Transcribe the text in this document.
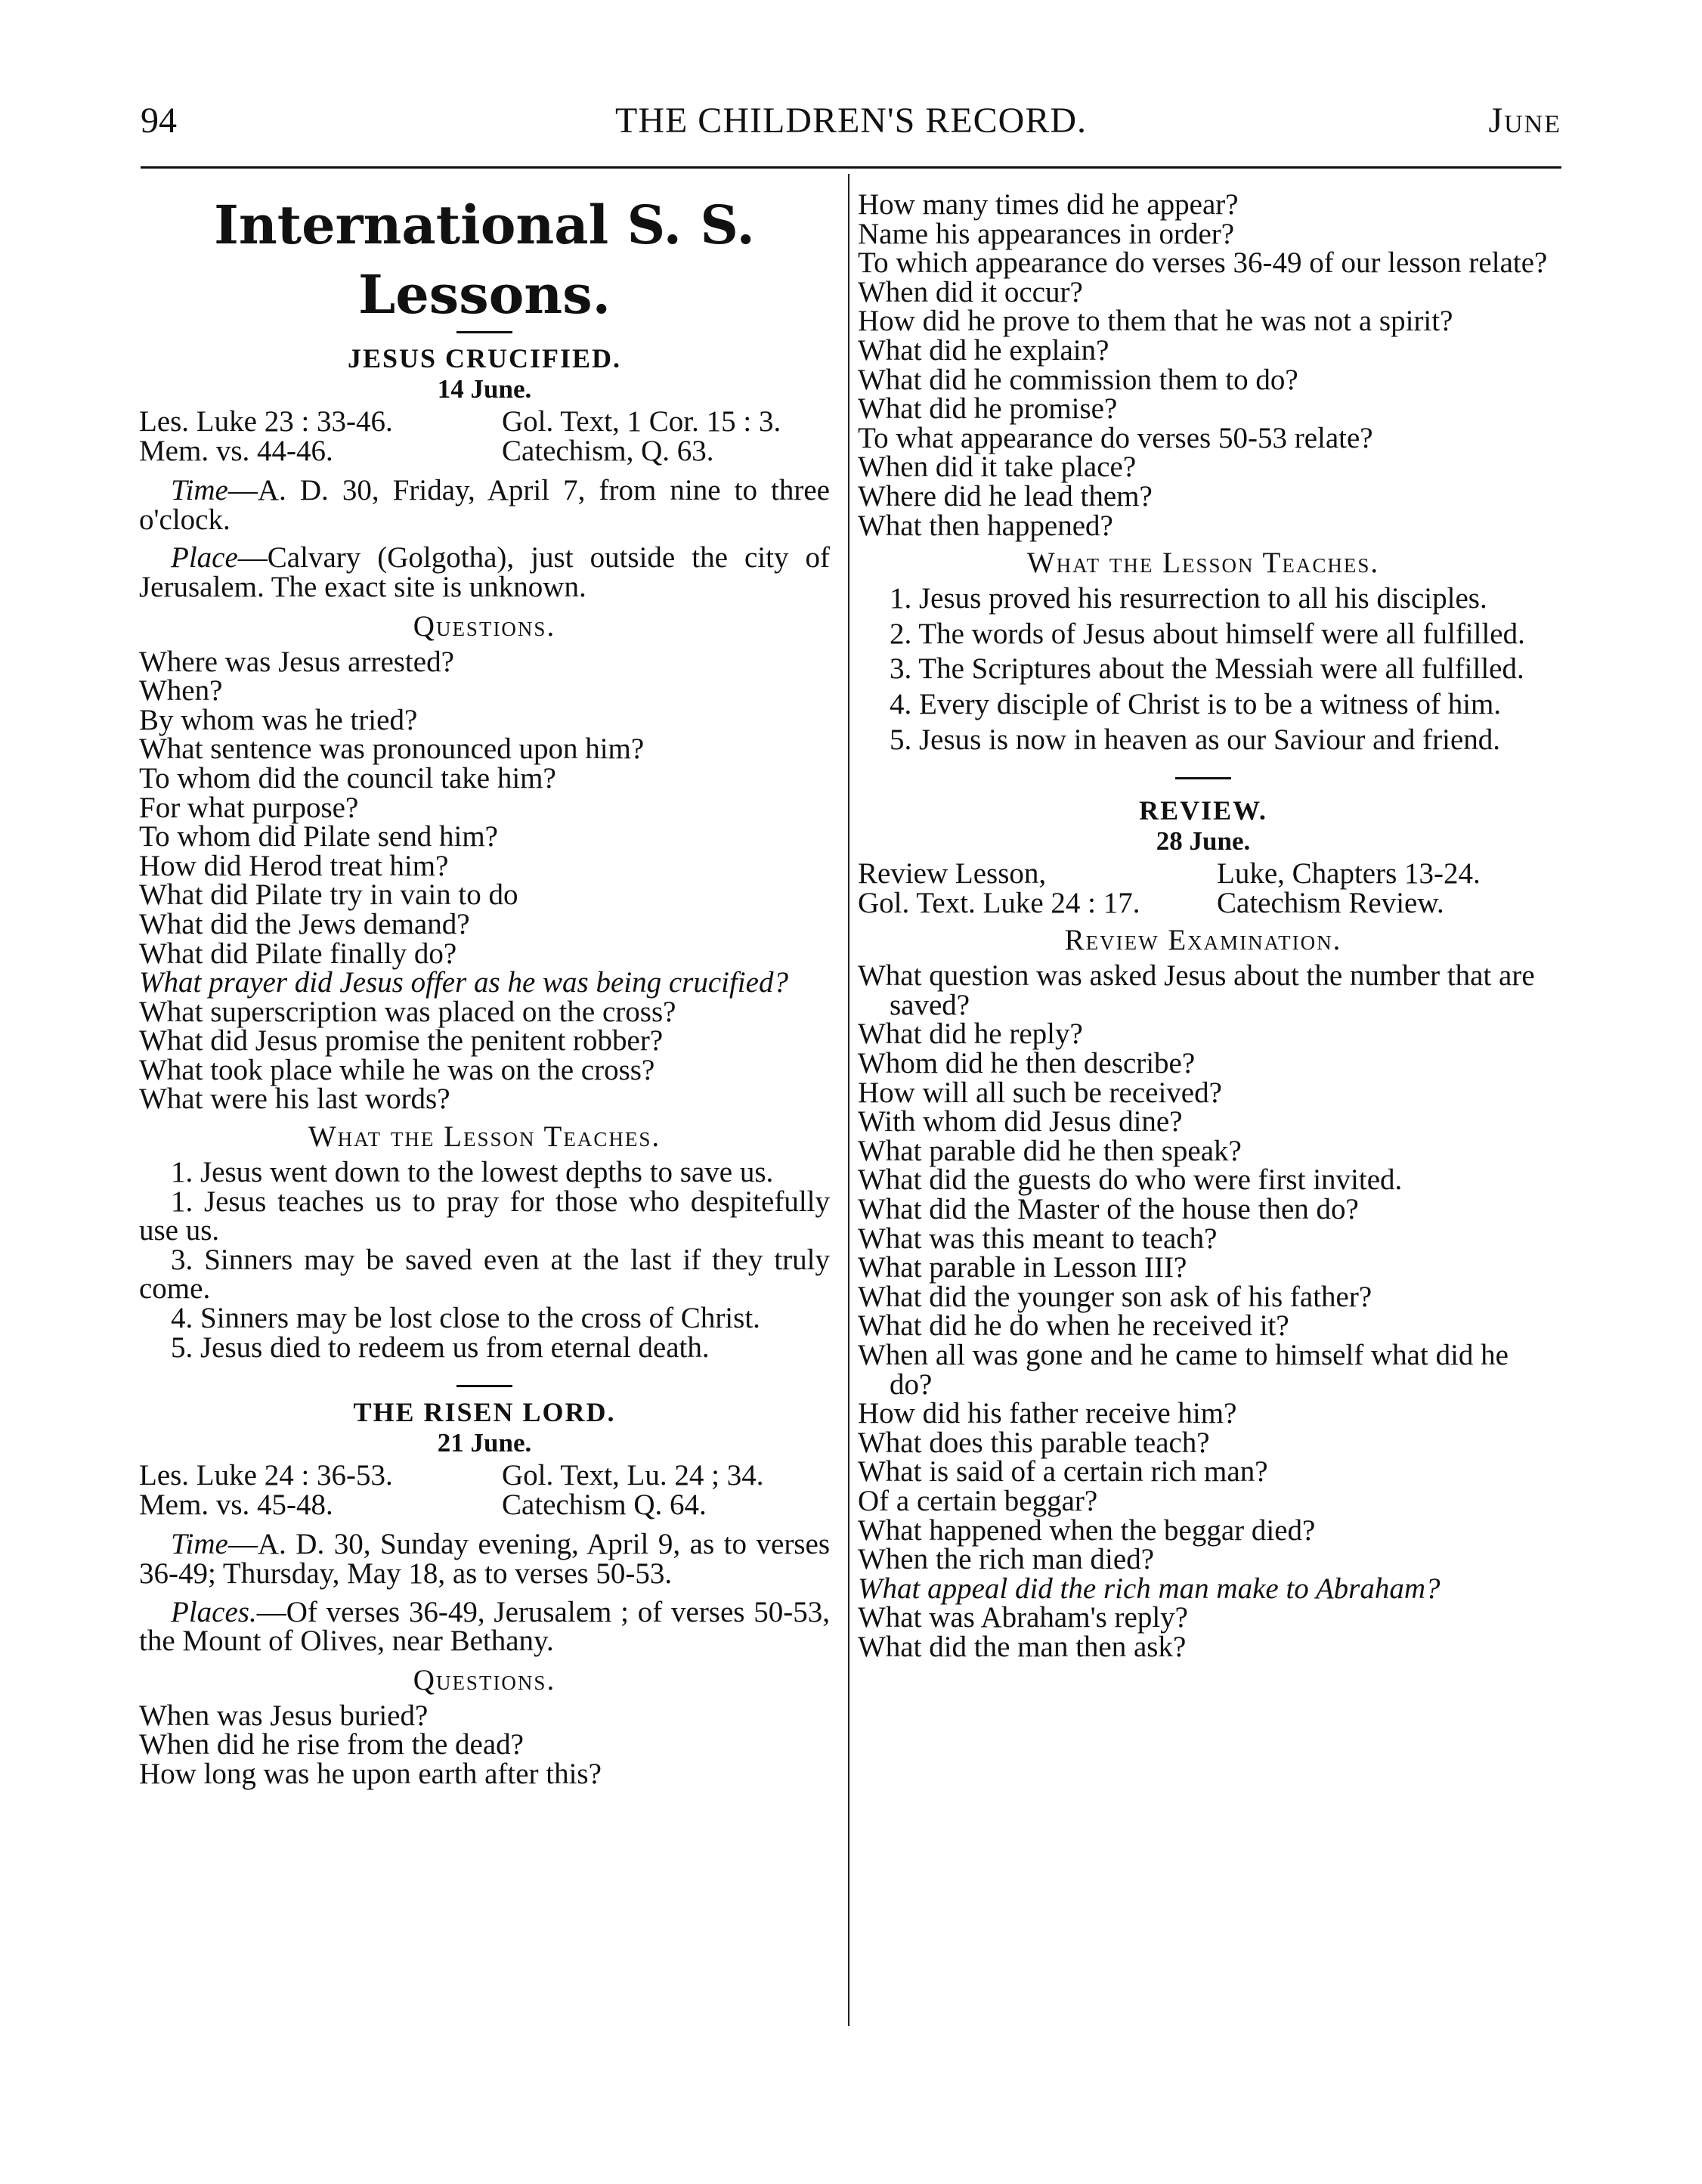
94	THE CHILDREN'S RECORD.	June
International S. S. Lessons.
JESUS CRUCIFIED.
14 June.
Les. Luke 23 : 33-46.	Gol. Text, 1 Cor. 15 : 3.
Mem. vs. 44-46.	Catechism, Q. 63.

Time—A. D. 30, Friday, April 7, from nine to three o'clock.

Place—Calvary (Golgotha), just outside the city of Jerusalem. The exact site is unknown.

Questions.

Where was Jesus arrested?

When?

By whom was he tried?

What sentence was pronounced upon him?

To whom did the council take him?

For what purpose?

To whom did Pilate send him?

How did Herod treat him?

What did Pilate try in vain to do

What did the Jews demand?

What did Pilate finally do?

What prayer did Jesus offer as he was being crucified?

What superscription was placed on the cross?

What did Jesus promise the penitent robber?

What took place while he was on the cross?

What were his last words?

What the Lesson Teaches.

1. Jesus went down to the lowest depths to save us.

1. Jesus teaches us to pray for those who despitefully use us.

3. Sinners may be saved even at the last if they truly come.

4. Sinners may be lost close to the cross of Christ.

5. Jesus died to redeem us from eternal death.

THE RISEN LORD.
21 June.
Les. Luke 24 : 36-53.	Gol. Text, Lu. 24 ; 34.
Mem. vs. 45-48.	Catechism Q. 64.

Time—A. D. 30, Sunday evening, April 9, as to verses 36-49; Thursday, May 18, as to verses 50-53.

Places.—Of verses 36-49, Jerusalem ; of verses 50-53, the Mount of Olives, near Bethany.

Questions.

When was Jesus buried?

When did he rise from the dead?

How long was he upon earth after this?

How many times did he appear?

Name his appearances in order?

To which appearance do verses 36-49 of our lesson relate?

When did it occur?

How did he prove to them that he was not a spirit?

What did he explain?

What did he commission them to do?

What did he promise?

To what appearance do verses 50-53 relate?

When did it take place?

Where did he lead them?

What then happened?

What the Lesson Teaches.

1. Jesus proved his resurrection to all his disciples.

2. The words of Jesus about himself were all fulfilled.

3. The Scriptures about the Messiah were all fulfilled.

4. Every disciple of Christ is to be a witness of him.

5. Jesus is now in heaven as our Saviour and friend.

REVIEW.
28 June.
Review Lesson,	Luke, Chapters 13-24.
Gol. Text. Luke 24 : 17.	Catechism Review.
Review Examination.

What question was asked Jesus about the number that are saved?

What did he reply?

Whom did he then describe?

How will all such be received?

With whom did Jesus dine?

What parable did he then speak?

What did the guests do who were first invited.

What did the Master of the house then do?

What was this meant to teach?

What parable in Lesson III?

What did the younger son ask of his father?

What did he do when he received it?

When all was gone and he came to himself what did he do?

How did his father receive him?

What does this parable teach?

What is said of a certain rich man?

Of a certain beggar?

What happened when the beggar died?

When the rich man died?

What appeal did the rich man make to Abraham?

What was Abraham's reply?

What did the man then ask?
